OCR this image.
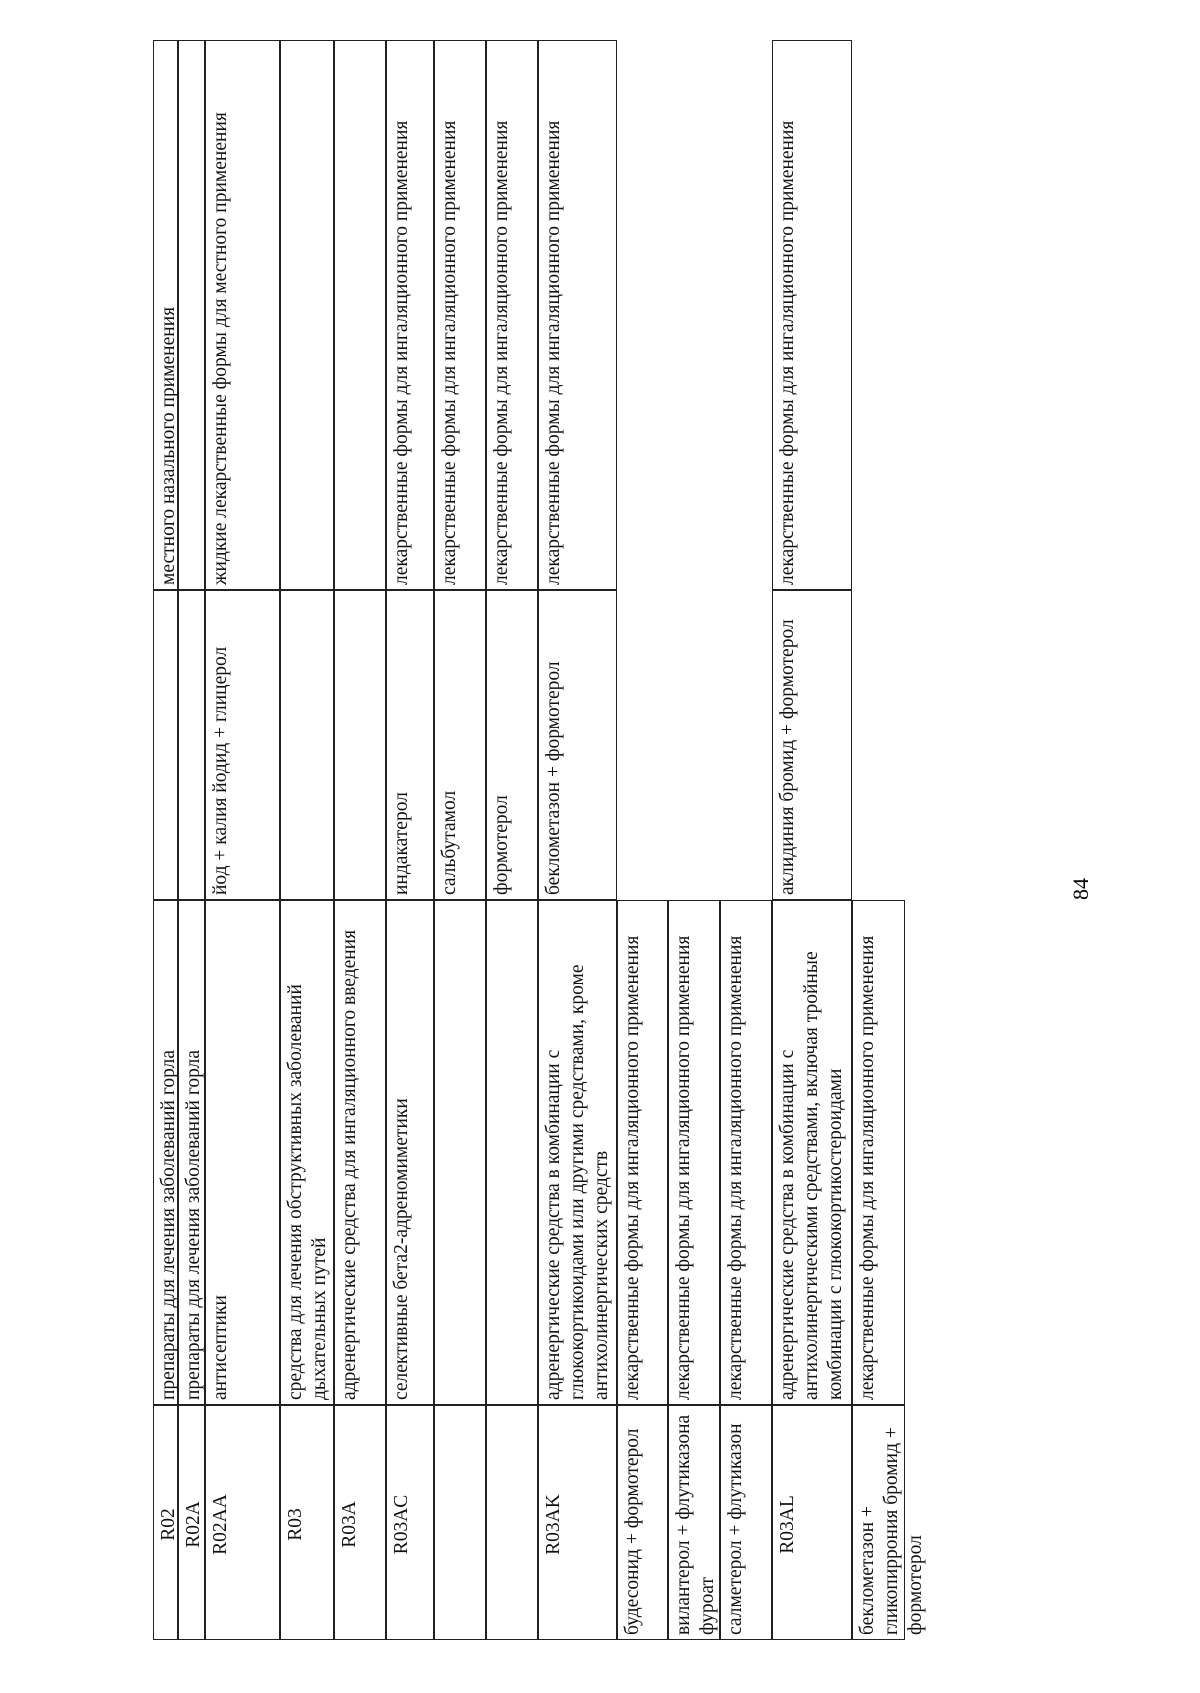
R02
препараты для лечения заболеваний горла
R02A
препараты для лечения заболеваний горла
R02AA
антисептики
йод + калия йодид + глицерол
жидкие лекарственные формы для местного применения
R03
средства для лечения обструктивных заболеваний дыхательных путей
R03A
адренергические средства для ингаляционного введения
R03AC
селективные бета2-адреномиметики
индакатерол
лекарственные формы для ингаляционного применения
сальбутамол
лекарственные формы для ингаляционного применения
формотерол
лекарственные формы для ингаляционного применения
R03AK
адренергические средства в комбинации с глюкокортикоидами или другими средствами, кроме антихолинергических средств
беклометазон + формотерол
лекарственные формы для ингаляционного применения
будесонид + формотерол
лекарственные формы для ингаляционного применения
вилантерол + флутиказона фуроат
лекарственные формы для ингаляционного применения
салметерол + флутиказон
лекарственные формы для ингаляционного применения
R03AL
адренергические средства в комбинации с антихолинергическими средствами, включая тройные комбинации с глюкокортикостероидами
аклидиния бромид + формотерол
лекарственные формы для ингаляционного применения
беклометазон + гликопиррония бромид + формотерол
лекарственные формы для ингаляционного применения
местного назального применения
84
